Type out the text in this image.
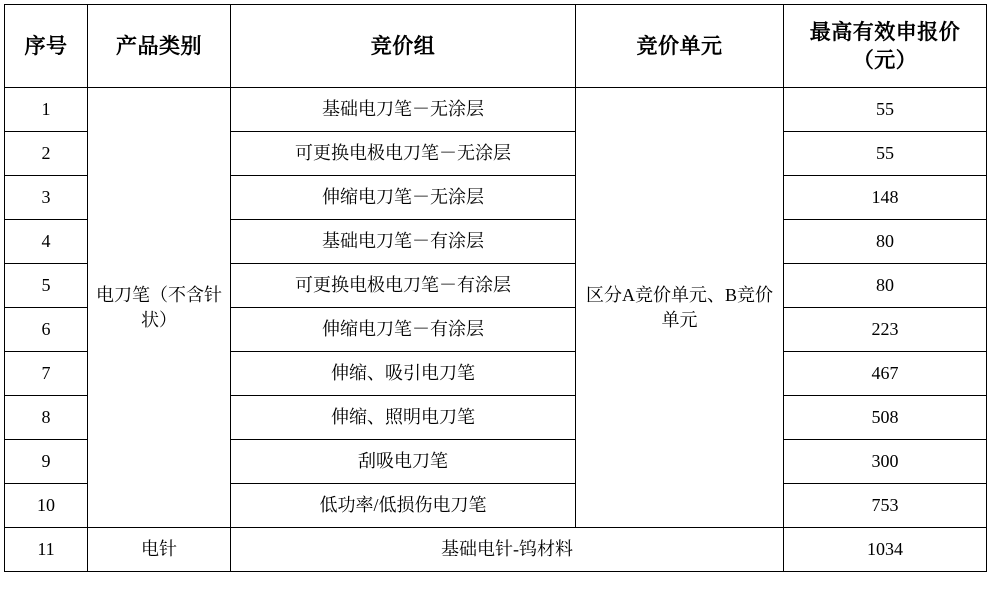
序号	产品类别	竞价组	竞价单元	最高有效申报价（元）
1	电刀笔（不含针状）	基础电刀笔－无涂层	区分A竞价单元、B竞价单元	55
2		可更换电极电刀笔－无涂层		55
3		伸缩电刀笔－无涂层		148
4		基础电刀笔－有涂层		80
5		可更换电极电刀笔－有涂层		80
6		伸缩电刀笔－有涂层		223
7		伸缩、吸引电刀笔		467
8		伸缩、照明电刀笔		508
9		刮吸电刀笔		300
10		低功率/低损伤电刀笔		753
11	电针	基础电针-钨材料		1034
